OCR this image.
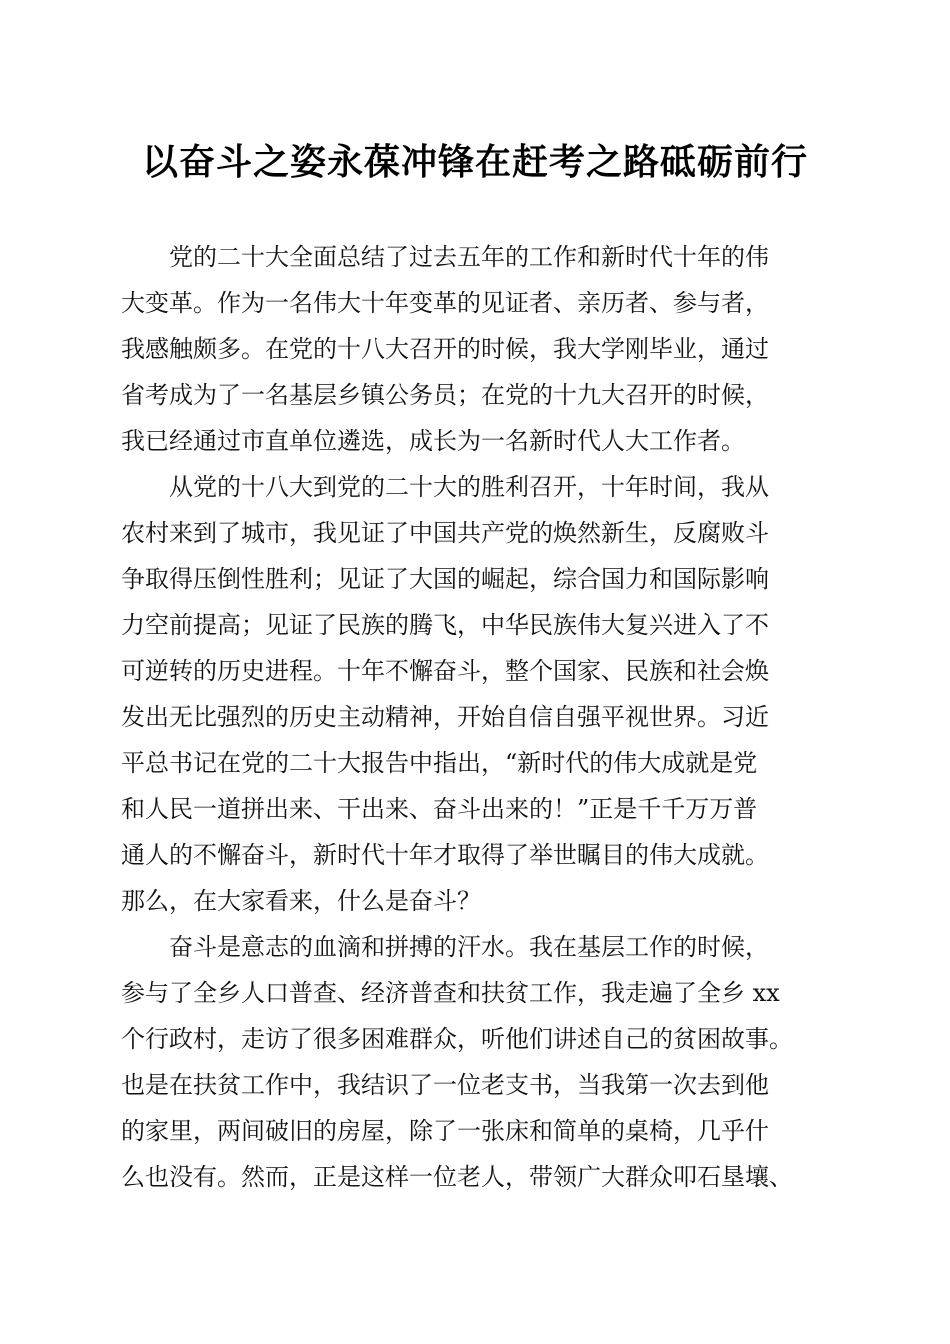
以奋斗之姿永葆冲锋在赶考之路砥砺前行

党的二十大全面总结了过去五年的工作和新时代十年的伟
大变革。作为一名伟大十年变革的见证者、亲历者、参与者，
我感触颇多。在党的十八大召开的时候，我大学刚毕业，通过
省考成为了一名基层乡镇公务员；在党的十九大召开的时候，
我已经通过市直单位遴选，成长为一名新时代人大工作者。

从党的十八大到党的二十大的胜利召开，十年时间，我从
农村来到了城市，我见证了中国共产党的焕然新生，反腐败斗
争取得压倒性胜利；见证了大国的崛起，综合国力和国际影响
力空前提高；见证了民族的腾飞，中华民族伟大复兴进入了不
可逆转的历史进程。十年不懈奋斗，整个国家、民族和社会焕
发出无比强烈的历史主动精神，开始自信自强平视世界。习近
平总书记在党的二十大报告中指出，“新时代的伟大成就是党
和人民一道拼出来、干出来、奋斗出来的！”正是千千万万普
通人的不懈奋斗，新时代十年才取得了举世瞩目的伟大成就。
那么，在大家看来，什么是奋斗？

奋斗是意志的血滴和拼搏的汗水。我在基层工作的时候，
参与了全乡人口普查、经济普查和扶贫工作，我走遍了全乡 xx
个行政村，走访了很多困难群众，听他们讲述自己的贫困故事。
也是在扶贫工作中，我结识了一位老支书，当我第一次去到他
的家里，两间破旧的房屋，除了一张床和简单的桌椅，几乎什
么也没有。然而，正是这样一位老人，带领广大群众叩石垦壤、
